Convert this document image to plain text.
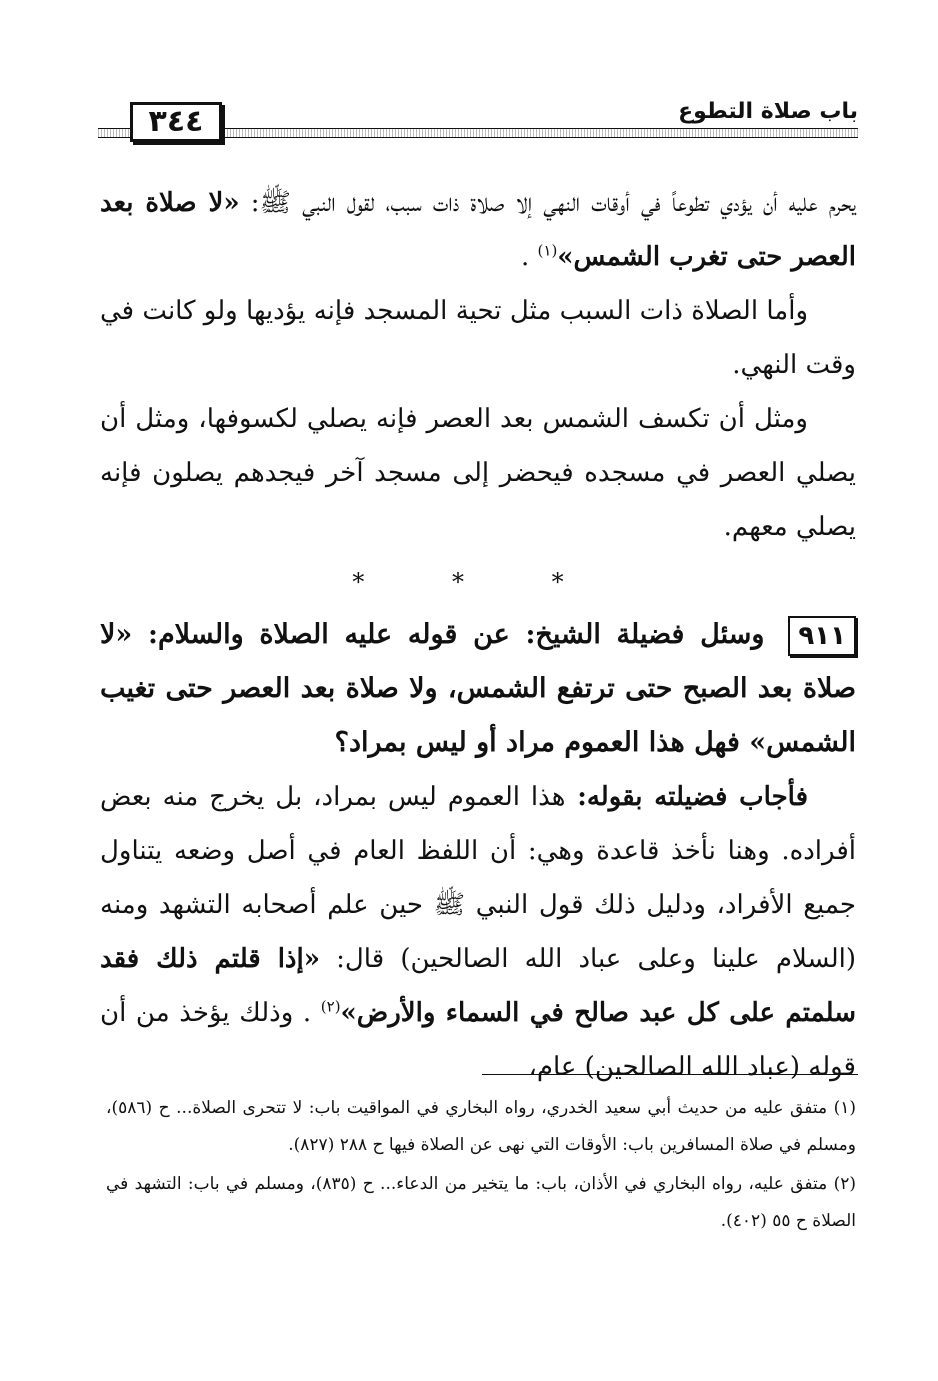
٣٤٤	باب صلاة التطوع

يحرم عليه أن يؤدي تطوعاً في أوقات النهي إلا صلاة ذات سبب، لقول النبي ﷺ: «لا صلاة بعد العصر حتى تغرب الشمس»$^{(١)}$ .

وأما الصلاة ذات السبب مثل تحية المسجد فإنه يؤديها ولو كانت في وقت النهي.

ومثل أن تكسف الشمس بعد العصر فإنه يصلي لكسوفها، ومثل أن يصلي العصر في مسجده فيحضر إلى مسجد آخر فيجدهم يصلون فإنه يصلي معهم.

* * *

٩١١وسئل فضيلة الشيخ: عن قوله عليه الصلاة والسلام: «لا صلاة بعد الصبح حتى ترتفع الشمس، ولا صلاة بعد العصر حتى تغيب الشمس» فهل هذا العموم مراد أو ليس بمراد؟

فأجاب فضيلته بقوله: هذا العموم ليس بمراد، بل يخرج منه بعض أفراده. وهنا نأخذ قاعدة وهي: أن اللفظ العام في أصل وضعه يتناول جميع الأفراد، ودليل ذلك قول النبي ﷺ حين علم أصحابه التشهد ومنه (السلام علينا وعلى عباد الله الصالحين) قال: «إذا قلتم ذلك فقد سلمتم على كل عبد صالح في السماء والأرض»$^{(٢)}$ . وذلك يؤخذ من أن قوله (عباد الله الصالحين) عام،

(١) متفق عليه من حديث أبي سعيد الخدري، رواه البخاري في المواقيت باب: لا تتحرى الصلاة... ح (٥٨٦)، ومسلم في صلاة المسافرين باب: الأوقات التي نهى عن الصلاة فيها ح ٢٨٨ (٨٢٧).

(٢) متفق عليه، رواه البخاري في الأذان، باب: ما يتخير من الدعاء... ح (٨٣٥)، ومسلم في باب: التشهد في الصلاة ح ٥٥ (٤٠٢).
